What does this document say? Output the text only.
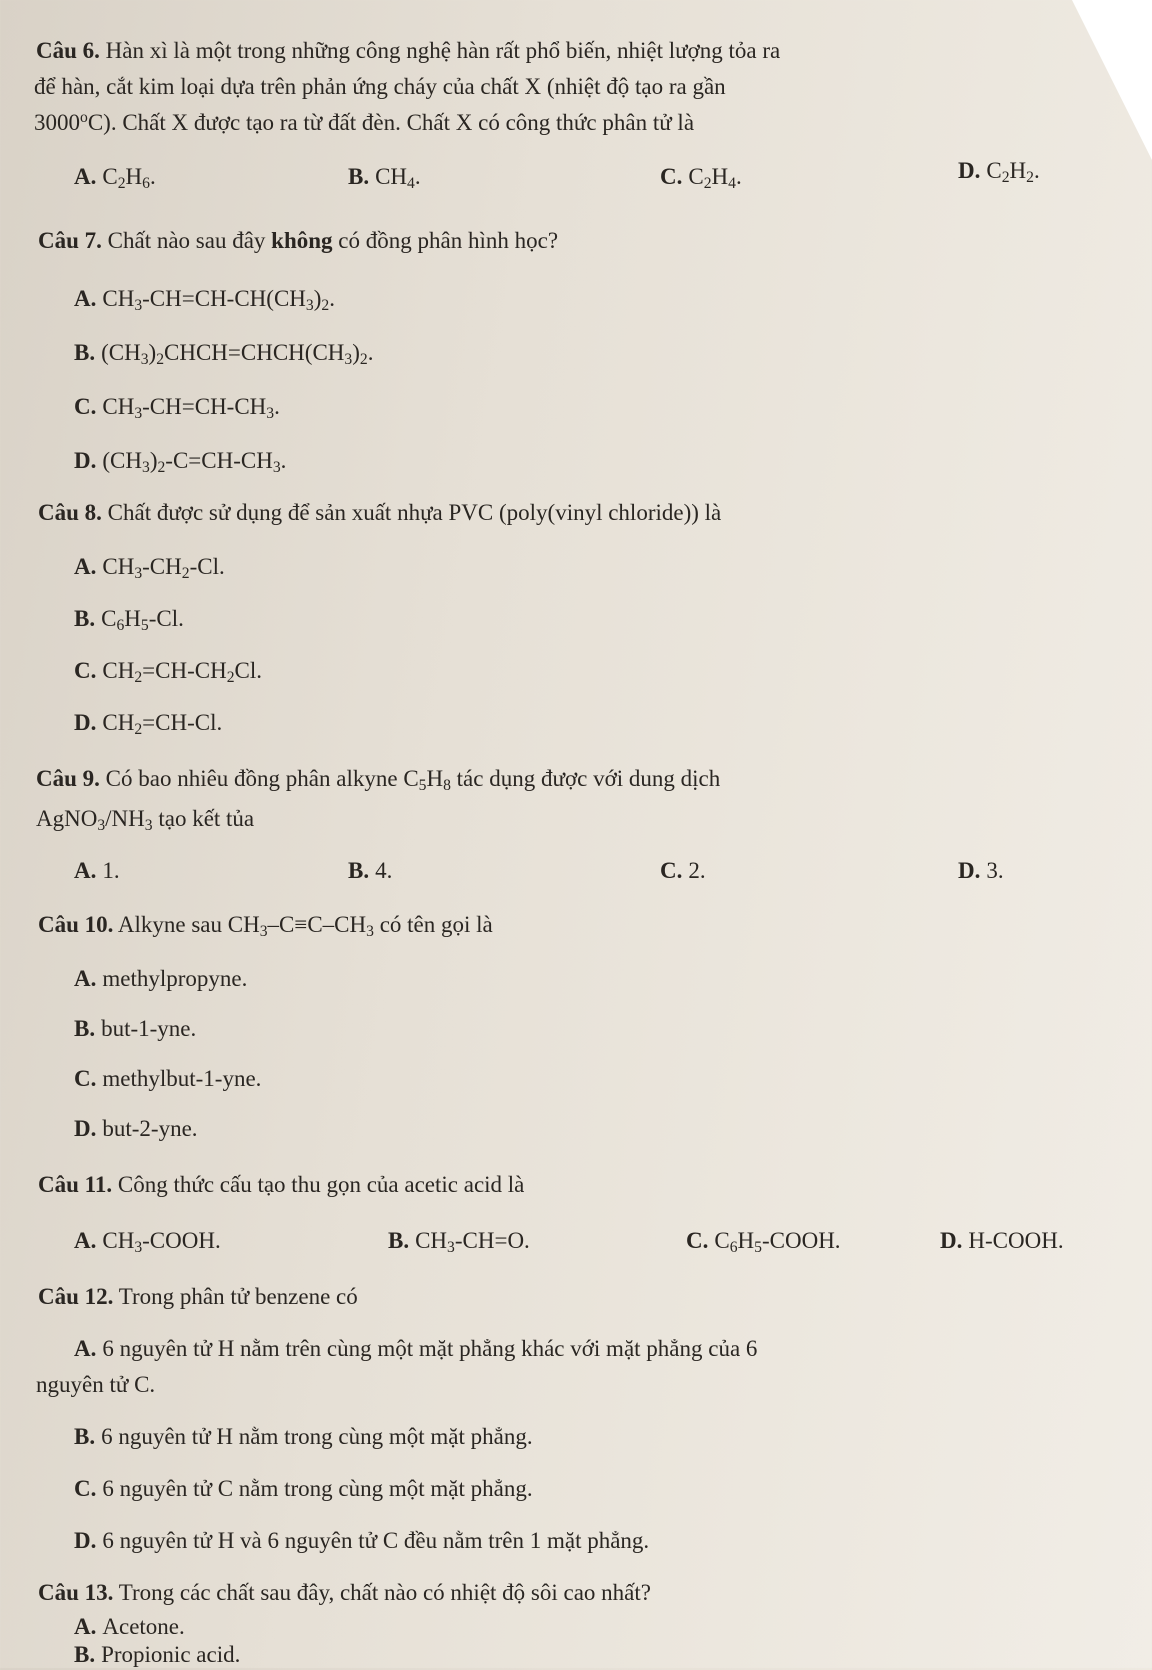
Câu 6. Hàn xì là một trong những công nghệ hàn rất phổ biến, nhiệt lượng tỏa ra
để hàn, cắt kim loại dựa trên phản ứng cháy của chất X (nhiệt độ tạo ra gần
3000$^o$C). Chất X được tạo ra từ đất đèn. Chất X có công thức phân tử là
A. $C_2H_6$.	B. $CH_4$.	C. $C_2H_4$.	D. $C_2H_2$.
Câu 7. Chất nào sau đây không có đồng phân hình học?
A. $CH_3-CH=CH-CH(CH_3)_2$.
B. $(CH_3)_2CHCH=CHCH(CH_3)_2$.
C. $CH_3-CH=CH-CH_3$.
D. $(CH_3)_2-C=CH-CH_3$.
Câu 8. Chất được sử dụng để sản xuất nhựa PVC (poly(vinyl chloride)) là
A. $CH_3-CH_2-Cl$.
B. $C_6H_5-Cl$.
C. $CH_2=CH-CH_2Cl$.
D. $CH_2=CH-Cl$.
Câu 9. Có bao nhiêu đồng phân alkyne $C_5H_8$ tác dụng được với dung dịch
$AgNO_3/NH_3$ tạo kết tủa
A. 1.	B. 4.	C. 2.	D. 3.
Câu 10. Alkyne sau $CH_3-C\equiv C-CH_3$ có tên gọi là
A. methylpropyne.
B. but-1-yne.
C. methylbut-1-yne.
D. but-2-yne.
Câu 11. Công thức cấu tạo thu gọn của acetic acid là
A. $CH_3$-COOH.	B. $CH_3-CH=O$.	C. $C_6H_5$-COOH.	D. H-COOH.
Câu 12. Trong phân tử benzene có
A. 6 nguyên tử H nằm trên cùng một mặt phẳng khác với mặt phẳng của 6
nguyên tử C.
B. 6 nguyên tử H nằm trong cùng một mặt phẳng.
C. 6 nguyên tử C nằm trong cùng một mặt phẳng.
D. 6 nguyên tử H và 6 nguyên tử C đều nằm trên 1 mặt phẳng.
Câu 13. Trong các chất sau đây, chất nào có nhiệt độ sôi cao nhất?
A. Acetone.
B. Propionic acid.
